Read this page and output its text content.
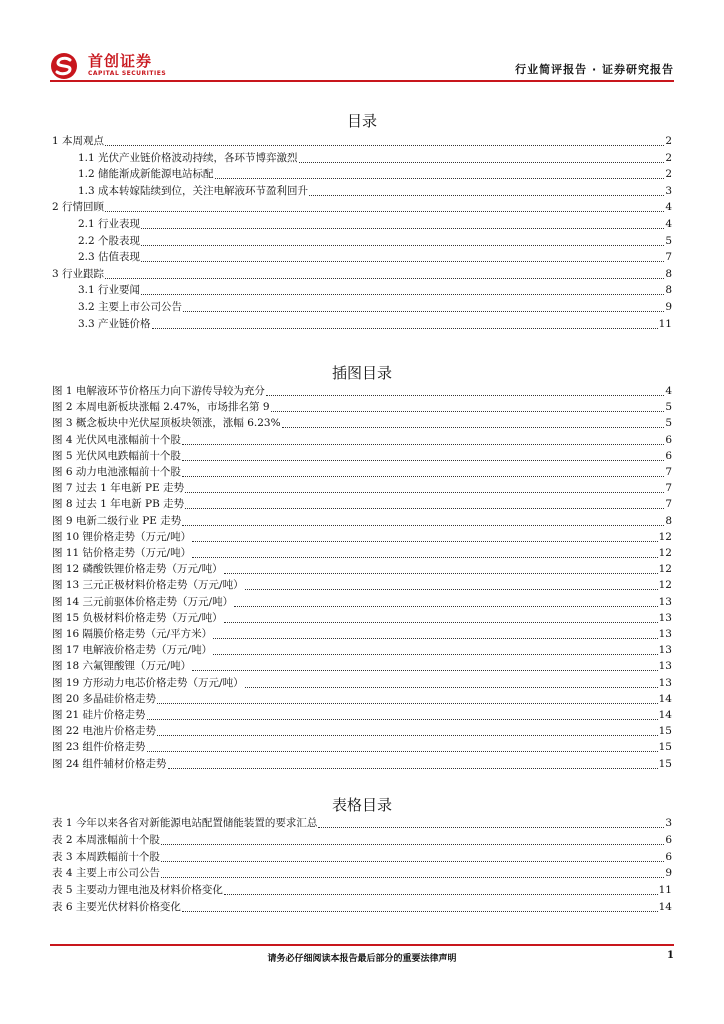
首创证券
CAPITAL SECURITIES	行业简评报告 · 证券研究报告
目录
1 本周观点	2
1.1 光伏产业链价格波动持续，各环节博弈激烈	2
1.2 储能渐成新能源电站标配	2
1.3 成本转嫁陆续到位，关注电解液环节盈利回升	3
2 行情回顾	4
2.1 行业表现	4
2.2 个股表现	5
2.3 估值表现	7
3 行业跟踪	8
3.1 行业要闻	8
3.2 主要上市公司公告	9
3.3 产业链价格	11
插图目录
图 1 电解液环节价格压力向下游传导较为充分	4
图 2 本周电新板块涨幅 2.47%，市场排名第 9	5
图 3 概念板块中光伏屋顶板块领涨，涨幅 6.23%	5
图 4 光伏风电涨幅前十个股	6
图 5 光伏风电跌幅前十个股	6
图 6 动力电池涨幅前十个股	7
图 7 过去 1 年电新 PE 走势	7
图 8 过去 1 年电新 PB 走势	7
图 9 电新二级行业 PE 走势	8
图 10 锂价格走势（万元/吨）	12
图 11 钴价格走势（万元/吨）	12
图 12 磷酸铁锂价格走势（万元/吨）	12
图 13 三元正极材料价格走势（万元/吨）	12
图 14 三元前驱体价格走势（万元/吨）	13
图 15 负极材料价格走势（万元/吨）	13
图 16 隔膜价格走势（元/平方米）	13
图 17 电解液价格走势（万元/吨）	13
图 18 六氟锂酸锂（万元/吨）	13
图 19 方形动力电芯价格走势（万元/吨）	13
图 20 多晶硅价格走势	14
图 21 硅片价格走势	14
图 22 电池片价格走势	15
图 23 组件价格走势	15
图 24 组件辅材价格走势	15
表格目录
表 1 今年以来各省对新能源电站配置储能装置的要求汇总	3
表 2 本周涨幅前十个股	6
表 3 本周跌幅前十个股	6
表 4 主要上市公司公告	9
表 5 主要动力锂电池及材料价格变化	11
表 6 主要光伏材料价格变化	14
请务必仔细阅读本报告最后部分的重要法律声明	1
